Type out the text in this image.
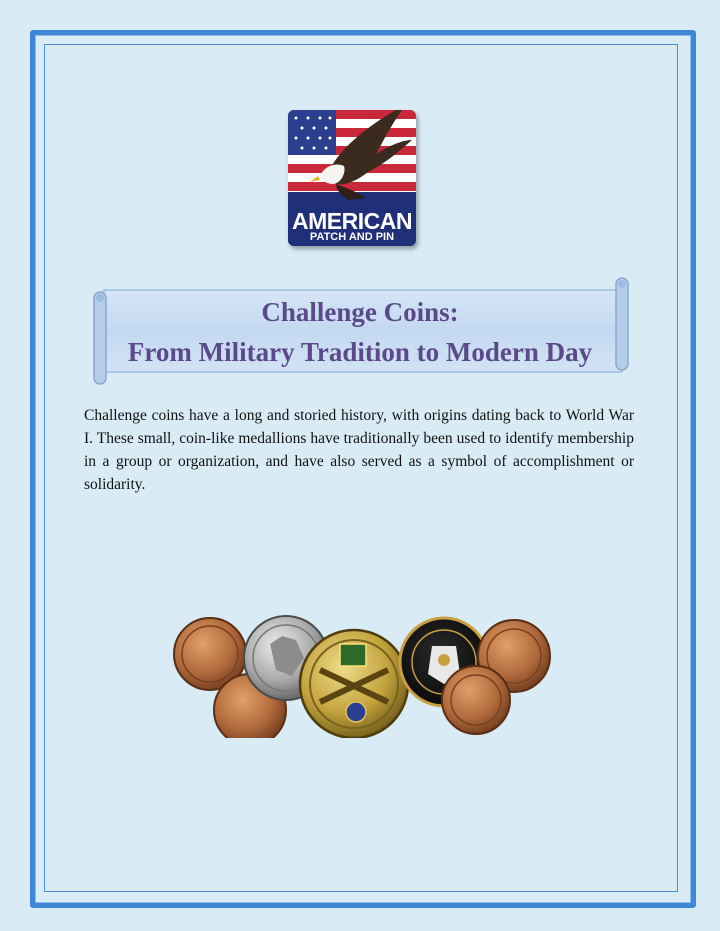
AMERICAN
PATCH AND PIN
Challenge Coins:
From Military Tradition to Modern Day
Challenge coins have a long and storied history, with origins dating back to World War I. These small, coin-like medallions have traditionally been used to identify membership in a group or organization, and have also served as a symbol of accomplishment or solidarity.
